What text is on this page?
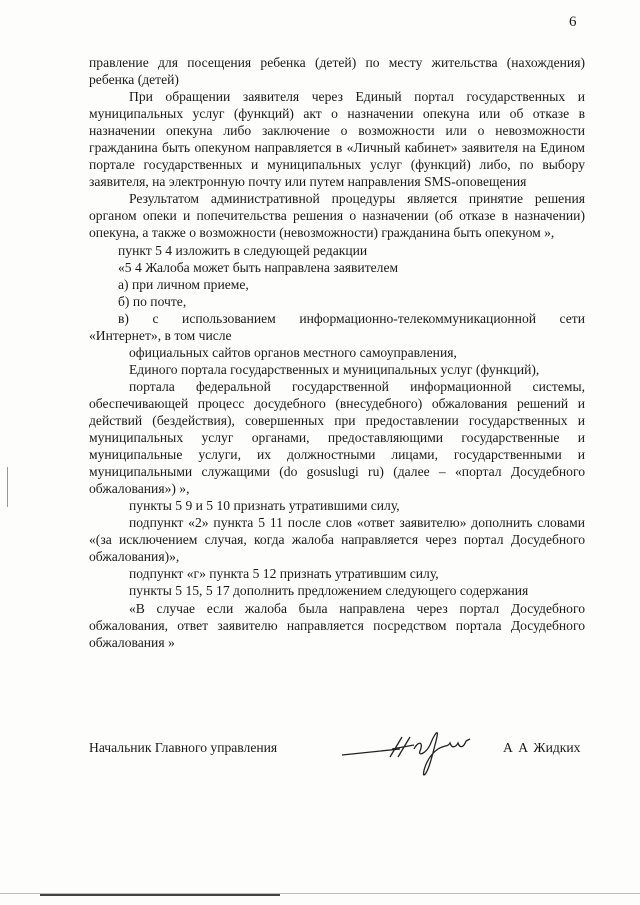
6

правление для посещения ребенка (детей) по месту жительства (нахождения) ребенка (детей)

При обращении заявителя через Единый портал государственных и муниципальных услуг (функций) акт о назначении опекуна или об отказе в назначении опекуна либо заключение о возможности или о невозможности гражданина быть опекуном направляется в «Личный кабинет» заявителя на Едином портале государственных и муниципальных услуг (функций) либо, по выбору заявителя, на электронную почту или путем направления SMS-оповещения

Результатом административной процедуры является принятие решения органом опеки и попечительства решения о назначении (об отказе в назначении) опекуна, а также о возможности (невозможности) гражданина быть опекуном »,

пункт 5 4 изложить в следующей редакции

«5 4 Жалоба может быть направлена заявителем

а) при личном приеме,

б) по почте,

в) с использованием информационно-телекоммуникационной сети

«Интернет», в том числе

официальных сайтов органов местного самоуправления,

Единого портала государственных и муниципальных услуг (функций),

портала федеральной государственной информационной системы, обеспечивающей процесс досудебного (внесудебного) обжалования решений и действий (бездействия), совершенных при предоставлении государственных и муниципальных услуг органами, предоставляющими государственные и муниципальные услуги, их должностными лицами, государственными и муниципальными служащими (do gosuslugi ru) (далее – «портал Досудебного обжалования») »,

пункты 5 9 и 5 10 признать утратившими силу,

подпункт «2» пункта 5 11 после слов «ответ заявителю» дополнить словами «(за исключением случая, когда жалоба направляется через портал Досудебного обжалования)»,

подпункт «г» пункта 5 12 признать утратившим силу,

пункты 5 15, 5 17 дополнить предложением следующего содержания

«В случае если жалоба была направлена через портал Досудебного обжалования, ответ заявителю направляется посредством портала Досудебного обжалования »

Начальник Главного управления	А А Жидких
